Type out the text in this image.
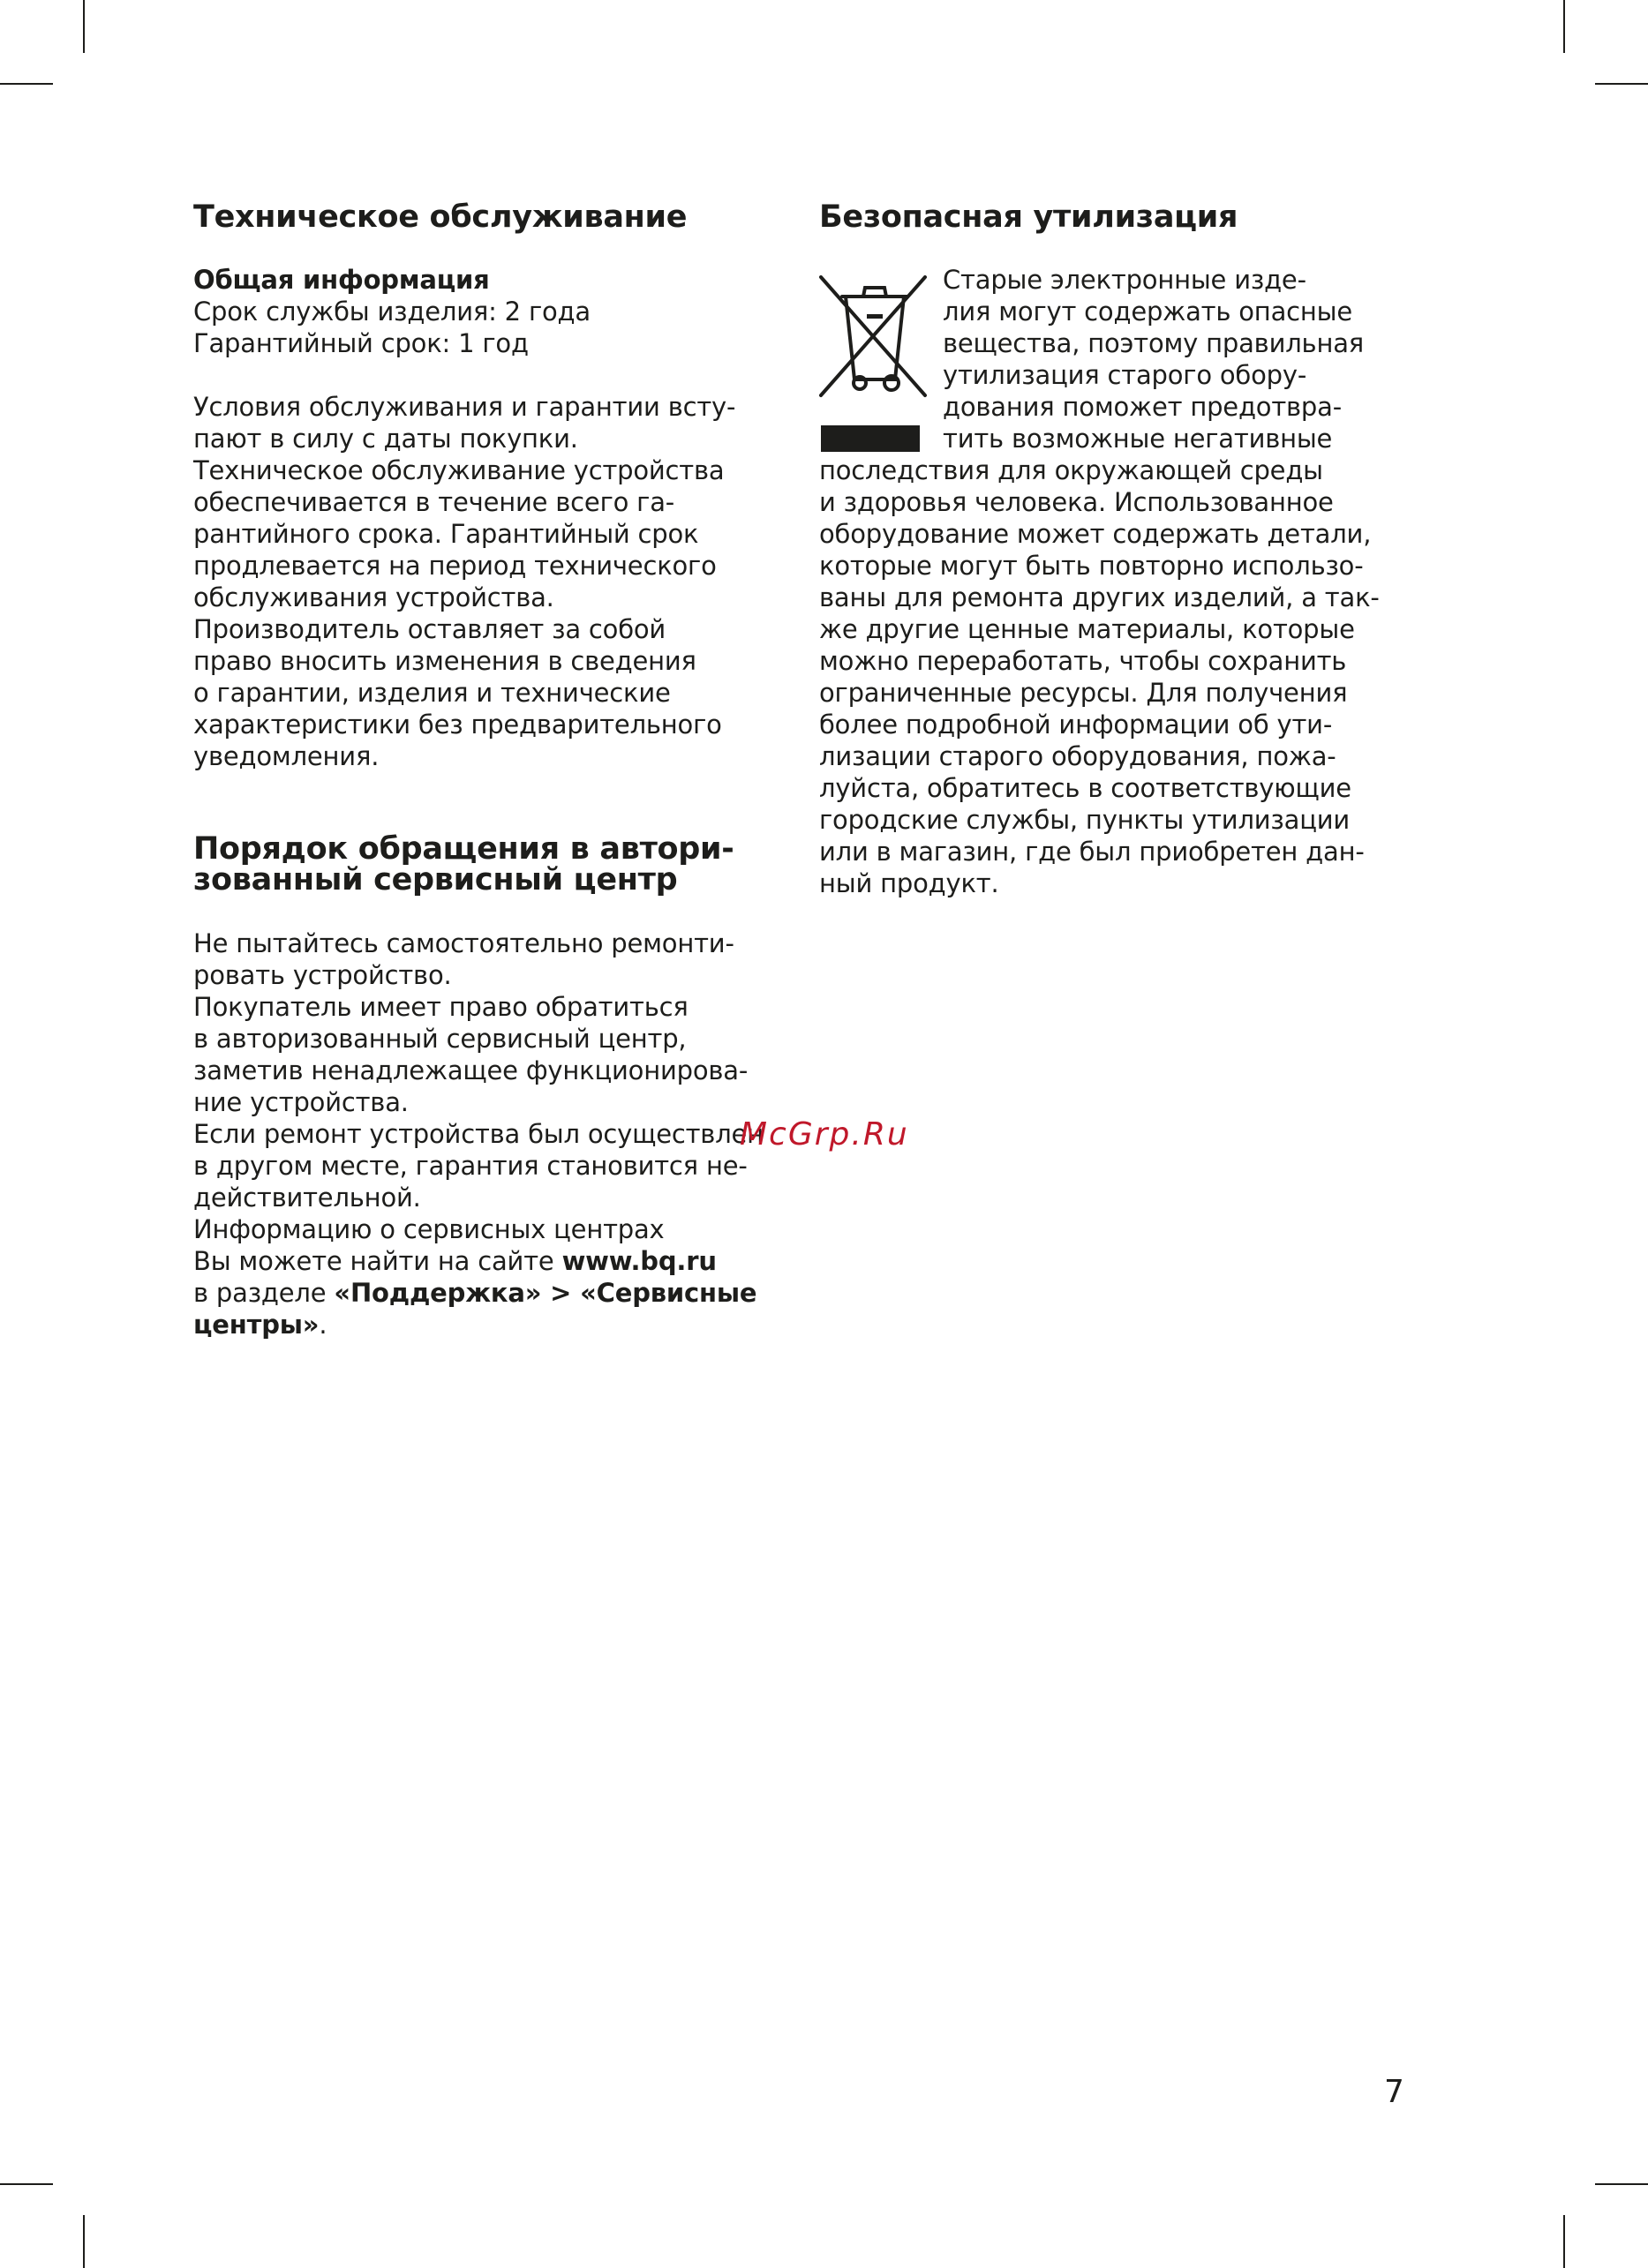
Техническое обслуживание

Общая информация

Срок службы изделия: 2 года
Гарантийный срок: 1 год

Условия обслуживания и гарантии всту-
пают в силу с даты покупки.
Техническое обслуживание устройства
обеспечивается в течение всего га-
рантийного срока. Гарантийный срок
продлевается на период технического
обслуживания устройства.
Производитель оставляет за собой
право вносить изменения в сведения
о гарантии, изделия и технические
характеристики без предварительного
уведомления.

Порядок обращения в автори-
зованный сервисный центр

Не пытайтесь самостоятельно ремонти-
ровать устройство.
Покупатель имеет право обратиться
в авторизованный сервисный центр,
заметив ненадлежащее функционирова-
ние устройства.
Если ремонт устройства был осуществлен
в другом месте, гарантия становится не-
действительной.
Информацию о сервисных центрах

Вы можете найти на сайте www.bq.ru

в разделе «Поддержка» > «Сервисные

центры».

Безопасная утилизация

Старые электронные изде-
лия могут содержать опасные
вещества, поэтому правильная
утилизация старого обору-
дования поможет предотвра-
тить возможные негативные

последствия для окружающей среды
и здоровья человека. Использованное
оборудование может содержать детали,
которые могут быть повторно использо-
ваны для ремонта других изделий, а так-
же другие ценные материалы, которые
можно переработать, чтобы сохранить
ограниченные ресурсы. Для получения
более подробной информации об ути-
лизации старого оборудования, пожа-
луйста, обратитесь в соответствующие
городские службы, пункты утилизации
или в магазин, где был приобретен дан-
ный продукт.

McGrp.Ru
7
